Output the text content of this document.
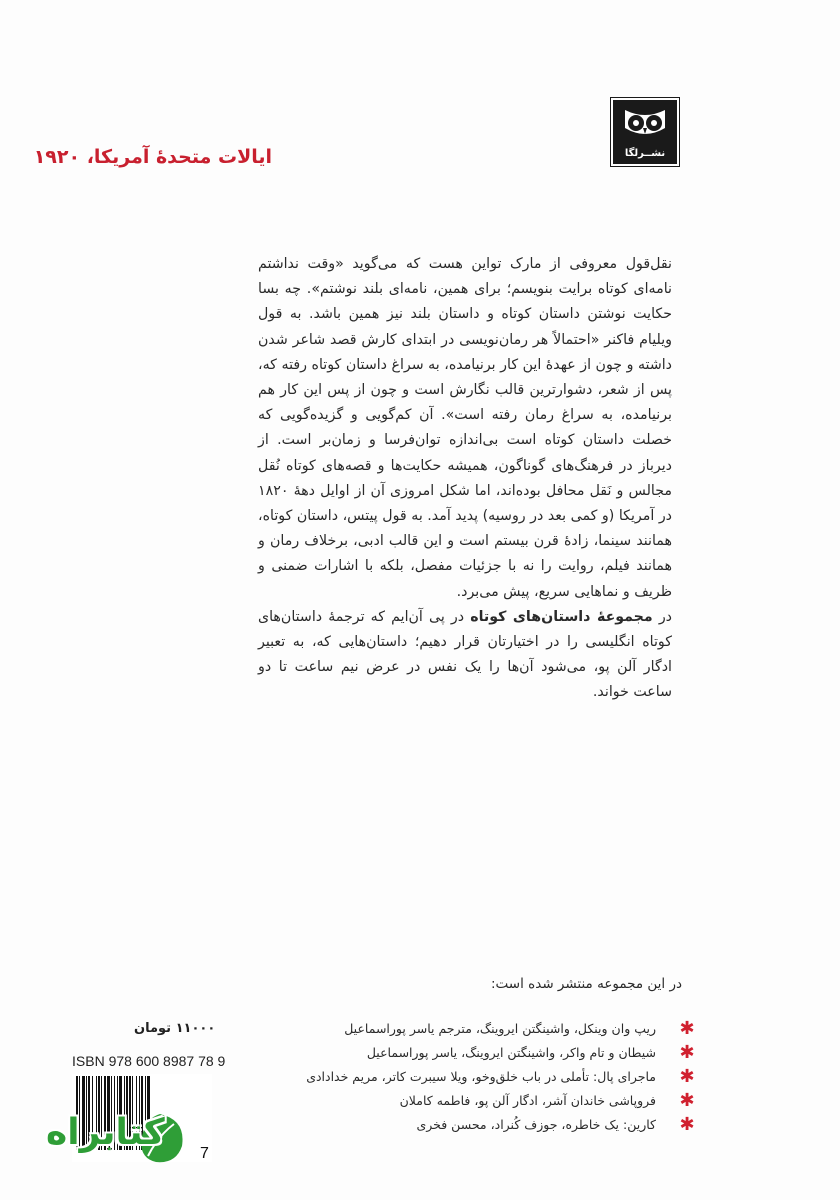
نشــرلگا
ایالات متحدهٔ آمریکا، ۱۹۲۰

نقل‌قول معروفی از مارک تواین هست که می‌گوید «وقت نداشتم نامه‌ای کوتاه برایت بنویسم؛ برای همین، نامه‌ای بلند نوشتم». چه بسا حکایت نوشتن داستان کوتاه و داستان بلند نیز همین باشد. به قول ویلیام فاکنر «احتمالاً هر رمان‌نویسی در ابتدای کارش قصد شاعر شدن داشته و چون از عهدهٔ این کار برنیامده، به سراغ داستان کوتاه رفته که، پس از شعر، دشوارترین قالب نگارش است و چون از پس این کار هم برنیامده، به سراغ رمان رفته است». آن کم‌گویی و گزیده‌گویی که خصلت داستان کوتاه است بی‌اندازه توان‌فرسا و زمان‌بر است. از دیرباز در فرهنگ‌های گوناگون، همیشه حکایت‌ها و قصه‌های کوتاه نُقل مجالس و نَقل محافل بوده‌اند، اما شکل امروزی آن از اوایل دههٔ ۱۸۲۰ در آمریکا (و کمی بعد در روسیه) پدید آمد. به قول پیتس، داستان کوتاه، همانند سینما، زادهٔ قرن بیستم است و این قالب ادبی، برخلاف رمان و همانند فیلم، روایت را نه با جزئیات مفصل، بلکه با اشارات ضمنی و ظریف و نماهایی سریع، پیش می‌برد.

در مجموعهٔ داستان‌های کوتاه در پی آن‌ایم که ترجمهٔ داستان‌های کوتاه انگلیسی را در اختیارتان قرار دهیم؛ داستان‌هایی که، به تعبیر ادگار آلن پو، می‌شود آن‌ها را یک نفس در عرض نیم ساعت تا دو ساعت خواند.

در این مجموعه منتشر شده است:
✱
ریپ وان وینکل، واشینگتن ایروینگ، مترجم یاسر پوراسماعیل
✱
شیطان و تام واکر، واشینگتن ایروینگ، یاسر پوراسماعیل
✱
ماجرای پال: تأملی در باب خلق‌وخو، ویلا سیبرت کاتر، مریم خدادادی
✱
فروپاشی خاندان آشر، ادگار آلن پو، فاطمه کاملان
✱
کارین: یک خاطره، جوزف کُنراد، محسن فخری
۱۱۰۰۰ تومان
ISBN 978 600 8987 78 9
7
کتابراه
